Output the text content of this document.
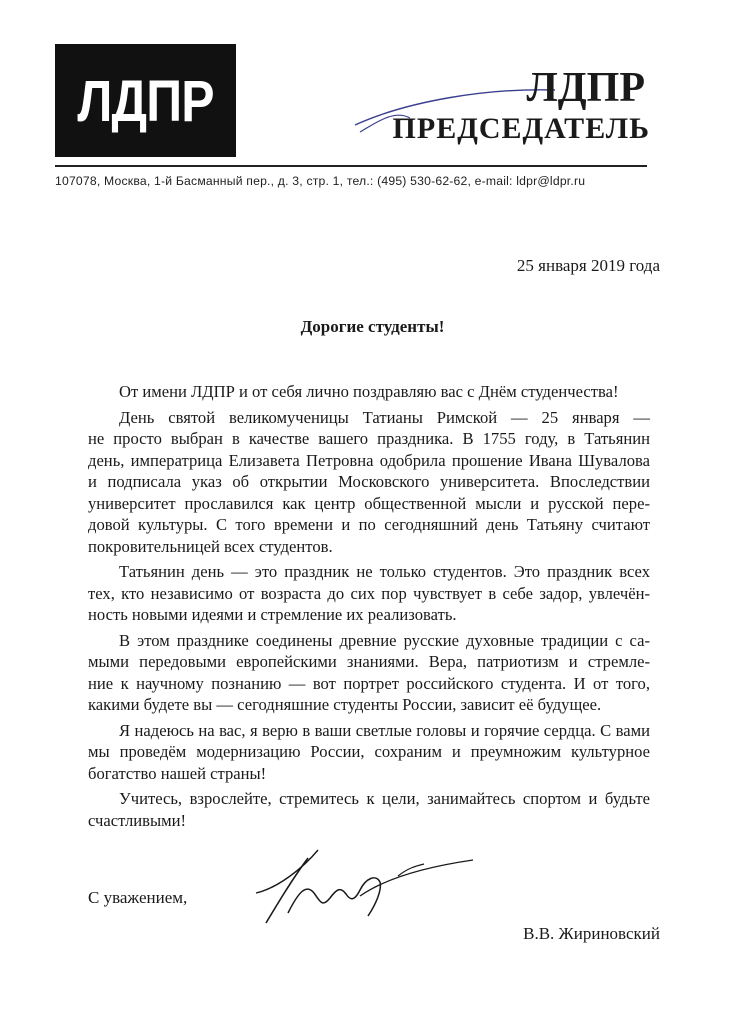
ЛДПР	ЛДПР
ПРЕДСЕДАТЕЛЬ
107078, Москва, 1-й Басманный пер., д. 3, стр. 1, тел.: (495) 530-62-62, e-mail: ldpr@ldpr.ru
25 января 2019 года
Дорогие студенты!

От имени ЛДПР и от себя лично поздравляю вас с Днём студенчества!

День святой великомученицы Татианы Римской — 25 января —
не просто выбран в качестве вашего праздника. В 1755 году, в Татьянин
день, императрица Елизавета Петровна одобрила прошение Ивана Шувалова
и подписала указ об открытии Московского университета. Впоследствии
университет прославился как центр общественной мысли и русской пере-
довой культуры. С того времени и по сегодняшний день Татьяну считают
покровительницей всех студентов.

Татьянин день — это праздник не только студентов. Это праздник всех
тех, кто независимо от возраста до сих пор чувствует в себе задор, увлечён-
ность новыми идеями и стремление их реализовать.

В этом празднике соединены древние русские духовные традиции с са-
мыми передовыми европейскими знаниями. Вера, патриотизм и стремле-
ние к научному познанию — вот портрет российского студента. И от того,
какими будете вы — сегодняшние студенты России, зависит её будущее.

Я надеюсь на вас, я верю в ваши светлые головы и горячие сердца. С вами
мы проведём модернизацию России, сохраним и преумножим культурное
богатство нашей страны!

Учитесь, взрослейте, стремитесь к цели, занимайтесь спортом и будьте
счастливыми!

С уважением,
В.В. Жириновский
